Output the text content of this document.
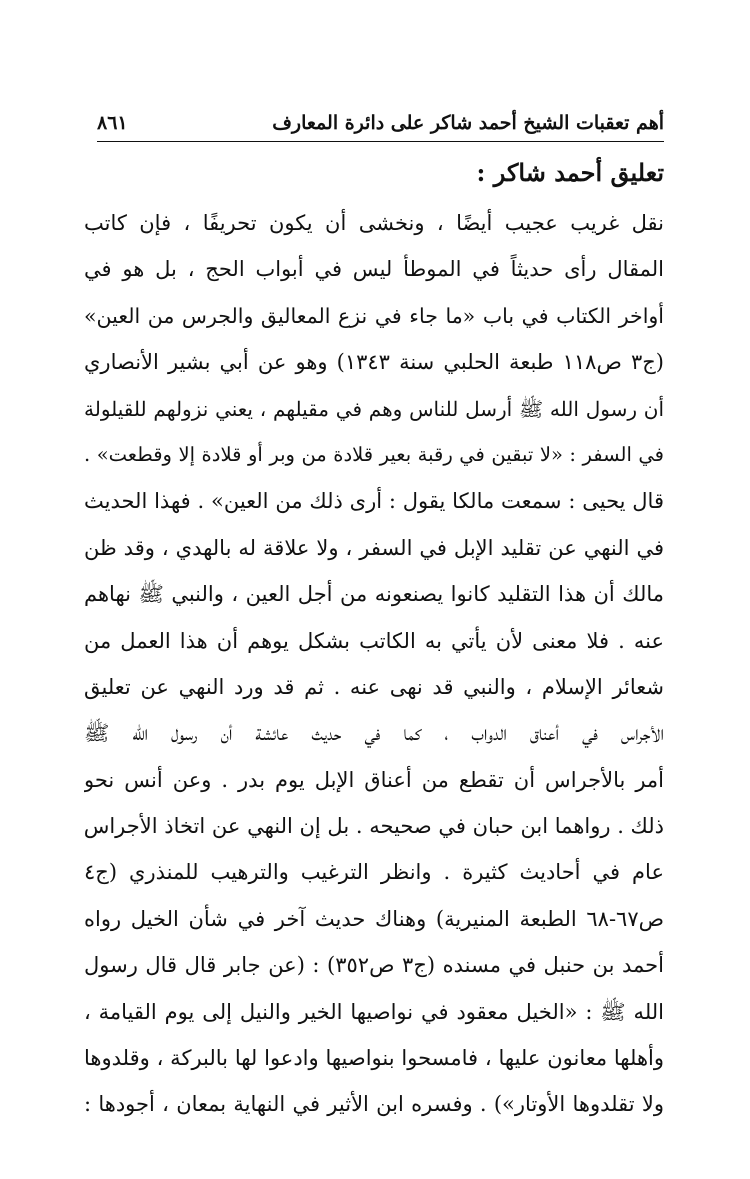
أهم تعقبات الشيخ أحمد شاكر على دائرة المعارف
٨٦١
تعليق أحمد شاكر :
نقل غريب عجيب أيضًا ، ونخشى أن يكون تحريفًا ، فإن كاتب
المقال رأى حديثاً في الموطأ ليس في أبواب الحج ، بل هو في
أواخر الكتاب في باب «ما جاء في نزع المعاليق والجرس من العين»
(ج٣ ص١١٨ طبعة الحلبي سنة ١٣٤٣) وهو عن أبي بشير الأنصاري
أن رسول الله ﷺ أرسل للناس وهم في مقيلهم ، يعني نزولهم للقيلولة
في السفر : «لا تبقين في رقبة بعير قلادة من وبر أو قلادة إلا وقطعت» .
قال يحيى : سمعت مالكا يقول : أرى ذلك من العين» . فهذا الحديث
في النهي عن تقليد الإبل في السفر ، ولا علاقة له بالهدي ، وقد ظن
مالك أن هذا التقليد كانوا يصنعونه من أجل العين ، والنبي ﷺ نهاهم
عنه . فلا معنى لأن يأتي به الكاتب بشكل يوهم أن هذا العمل من
شعائر الإسلام ، والنبي قد نهى عنه . ثم قد ورد النهي عن تعليق
الأجراس في أعناق الدواب ، كما في حديث عائشة أن رسول الله ﷺ
أمر بالأجراس أن تقطع من أعناق الإبل يوم بدر . وعن أنس نحو
ذلك . رواهما ابن حبان في صحيحه . بل إن النهي عن اتخاذ الأجراس
عام في أحاديث كثيرة . وانظر الترغيب والترهيب للمنذري (ج٤
ص٦٧-٦٨ الطبعة المنيرية) وهناك حديث آخر في شأن الخيل رواه
أحمد بن حنبل في مسنده (ج٣ ص٣٥٢) : (عن جابر قال قال رسول
الله ﷺ : «الخيل معقود في نواصيها الخير والنيل إلى يوم القيامة ،
وأهلها معانون عليها ، فامسحوا بنواصيها وادعوا لها بالبركة ، وقلدوها
ولا تقلدوها الأوتار») . وفسره ابن الأثير في النهاية بمعان ، أجودها :
